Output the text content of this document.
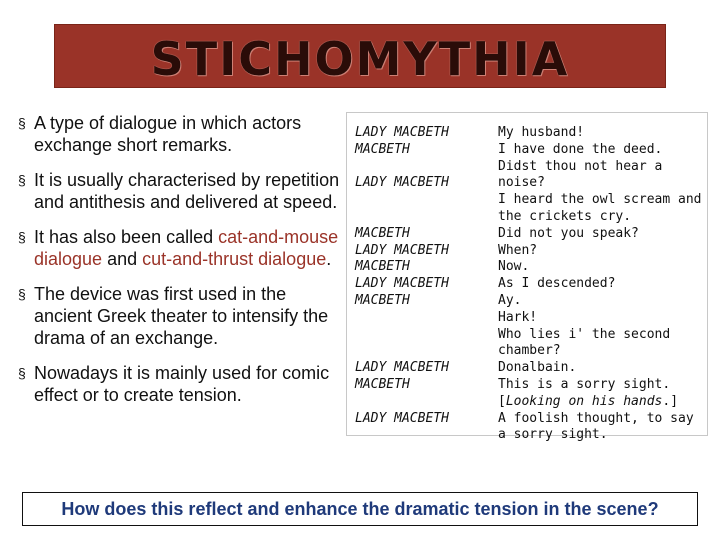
STICHOMYTHIA
§ A type of dialogue in which actors exchange short remarks.
§ It is usually characterised by repetition and antithesis and delivered at speed.
§ It has also been called cat-and-mouse dialogue and cut-and-thrust dialogue.
§ The device was first used in the ancient Greek theater to intensify the drama of an exchange.
§ Nowadays it is mainly used for comic effect or to create tension.
LADY MACBETH
MACBETH
LADY MACBETH
MACBETH
LADY MACBETH
MACBETH
LADY MACBETH
MACBETH
LADY MACBETH
MACBETH
LADY MACBETH
My husband!
I have done the deed. Didst thou not hear a noise?
I heard the owl scream and the crickets cry.
Did not you speak?
When?
Now.
As I descended?
Ay.
Hark!
Who lies i' the second chamber?
Donalbain.
This is a sorry sight.
[Looking on his hands.]
A foolish thought, to say a sorry sight.
How does this reflect and enhance the dramatic tension in the scene?
